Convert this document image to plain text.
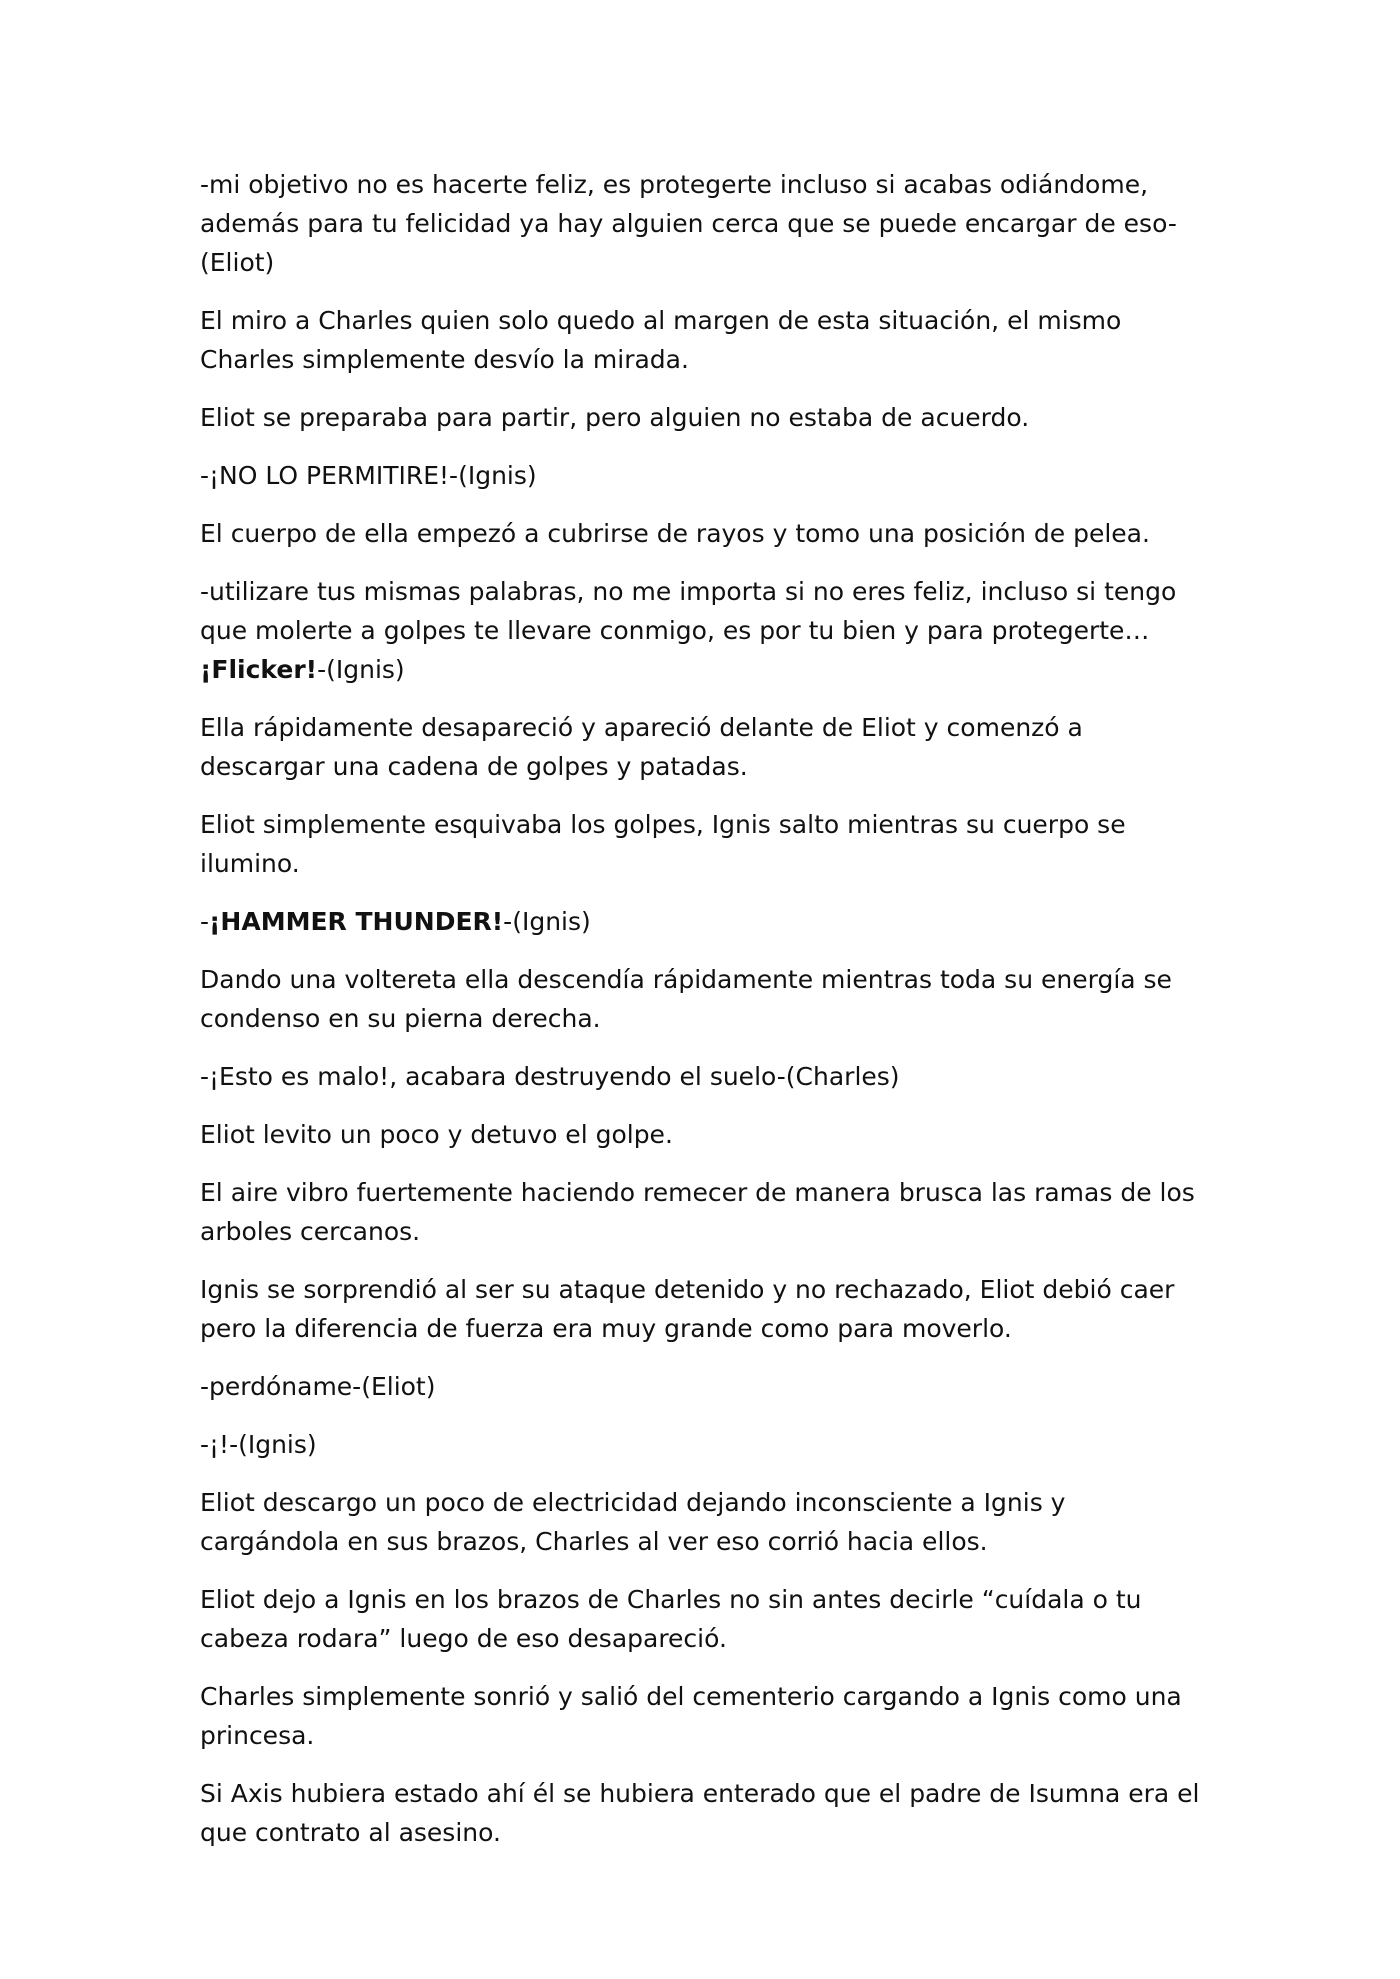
-mi objetivo no es hacerte feliz, es protegerte incluso si acabas odiándome, además para tu felicidad ya hay alguien cerca que se puede encargar de eso-(Eliot)

El miro a Charles quien solo quedo al margen de esta situación, el mismo Charles simplemente desvío la mirada.

Eliot se preparaba para partir, pero alguien no estaba de acuerdo.

-¡NO LO PERMITIRE!-(Ignis)

El cuerpo de ella empezó a cubrirse de rayos y tomo una posición de pelea.

-utilizare tus mismas palabras, no me importa si no eres feliz, incluso si tengo que molerte a golpes te llevare conmigo, es por tu bien y para protegerte… ¡Flicker!-(Ignis)

Ella rápidamente desapareció y apareció delante de Eliot y comenzó a descargar una cadena de golpes y patadas.

Eliot simplemente esquivaba los golpes, Ignis salto mientras su cuerpo se ilumino.

-¡HAMMER THUNDER!-(Ignis)

Dando una voltereta ella descendía rápidamente mientras toda su energía se condenso en su pierna derecha.

-¡Esto es malo!, acabara destruyendo el suelo-(Charles)

Eliot levito un poco y detuvo el golpe.

El aire vibro fuertemente haciendo remecer de manera brusca las ramas de los arboles cercanos.

Ignis se sorprendió al ser su ataque detenido y no rechazado, Eliot debió caer pero la diferencia de fuerza era muy grande como para moverlo.

-perdóname-(Eliot)

-¡!-(Ignis)

Eliot descargo un poco de electricidad dejando inconsciente a Ignis y cargándola en sus brazos, Charles al ver eso corrió hacia ellos.

Eliot dejo a Ignis en los brazos de Charles no sin antes decirle “cuídala o tu cabeza rodara” luego de eso desapareció.

Charles simplemente sonrió y salió del cementerio cargando a Ignis como una princesa.

Si Axis hubiera estado ahí él se hubiera enterado que el padre de Isumna era el que contrato al asesino.
